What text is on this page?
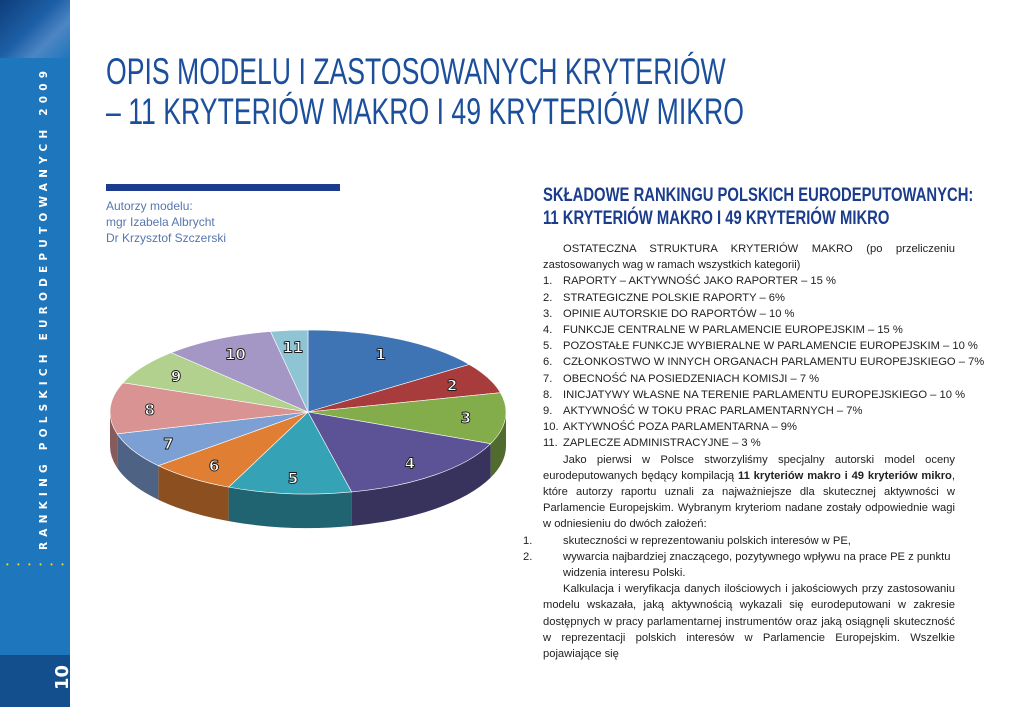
RANKING POLSKICH EURODEPUTOWANYCH 2009
• • • • • •
10
OPIS MODELU I ZASTOSOWANYCH KRYTERIÓW
– 11 KRYTERIÓW MAKRO I 49 KRYTERIÓW MIKRO
Autorzy modelu:
mgr Izabela Albrycht
Dr Krzysztof Szczerski
1
2
3
4
5
6
7
8
9
10 11
SKŁADOWE RANKINGU POLSKICH EURODEPUTOWANYCH:
11 KRYTERIÓW MAKRO I 49 KRYTERIÓW MIKRO

OSTATECZNA STRUKTURA KRYTERIÓW MAKRO (po przeliczeniu zastosowanych wag w ramach wszystkich kategorii)

1. RAPORTY – AKTYWNOŚĆ JAKO RAPORTER – 15 %
2. STRATEGICZNE POLSKIE RAPORTY – 6%
3. OPINIE AUTORSKIE DO RAPORTÓW – 10 %
4. FUNKCJE CENTRALNE W PARLAMENCIE EUROPEJSKIM – 15 %
5. POZOSTAŁE FUNKCJE WYBIERALNE W PARLAMENCIE EUROPEJSKIM – 10 %
6. CZŁONKOSTWO W INNYCH ORGANACH PARLAMENTU EUROPEJSKIEGO – 7%
7. OBECNOŚĆ NA POSIEDZENIACH KOMISJI – 7 %
8. INICJATYWY WŁASNE NA TERENIE PARLAMENTU EUROPEJSKIEGO – 10 %
9. AKTYWNOŚĆ W TOKU PRAC PARLAMENTARNYCH – 7%
10. AKTYWNOŚĆ POZA PARLAMENTARNA – 9%
11. ZAPLECZE ADMINISTRACYJNE – 3 %

Jako pierwsi w Polsce stworzyliśmy specjalny autorski model oceny eurodeputowanych będący kompilacją 11 kryteriów makro i 49 kryteriów mikro, które autorzy raportu uznali za najważniejsze dla skutecznej aktywności w Parlamencie Europejskim. Wybranym kryteriom nadane zostały odpowiednie wagi w odniesieniu do dwóch założeń:

1.	skuteczności w reprezentowaniu polskich interesów w PE,
2.	wywarcia najbardziej znaczącego, pozytywnego wpływu na prace PE z punktu widzenia interesu Polski.

Kalkulacja i weryfikacja danych ilościowych i jakościowych przy zastosowaniu modelu wskazała, jaką aktywnością wykazali się eurodeputowani w zakresie dostępnych w pracy parlamentarnej instrumentów oraz jaką osiągnęli skuteczność w reprezentacji polskich interesów w Parlamencie Europejskim. Wszelkie pojawiające się
